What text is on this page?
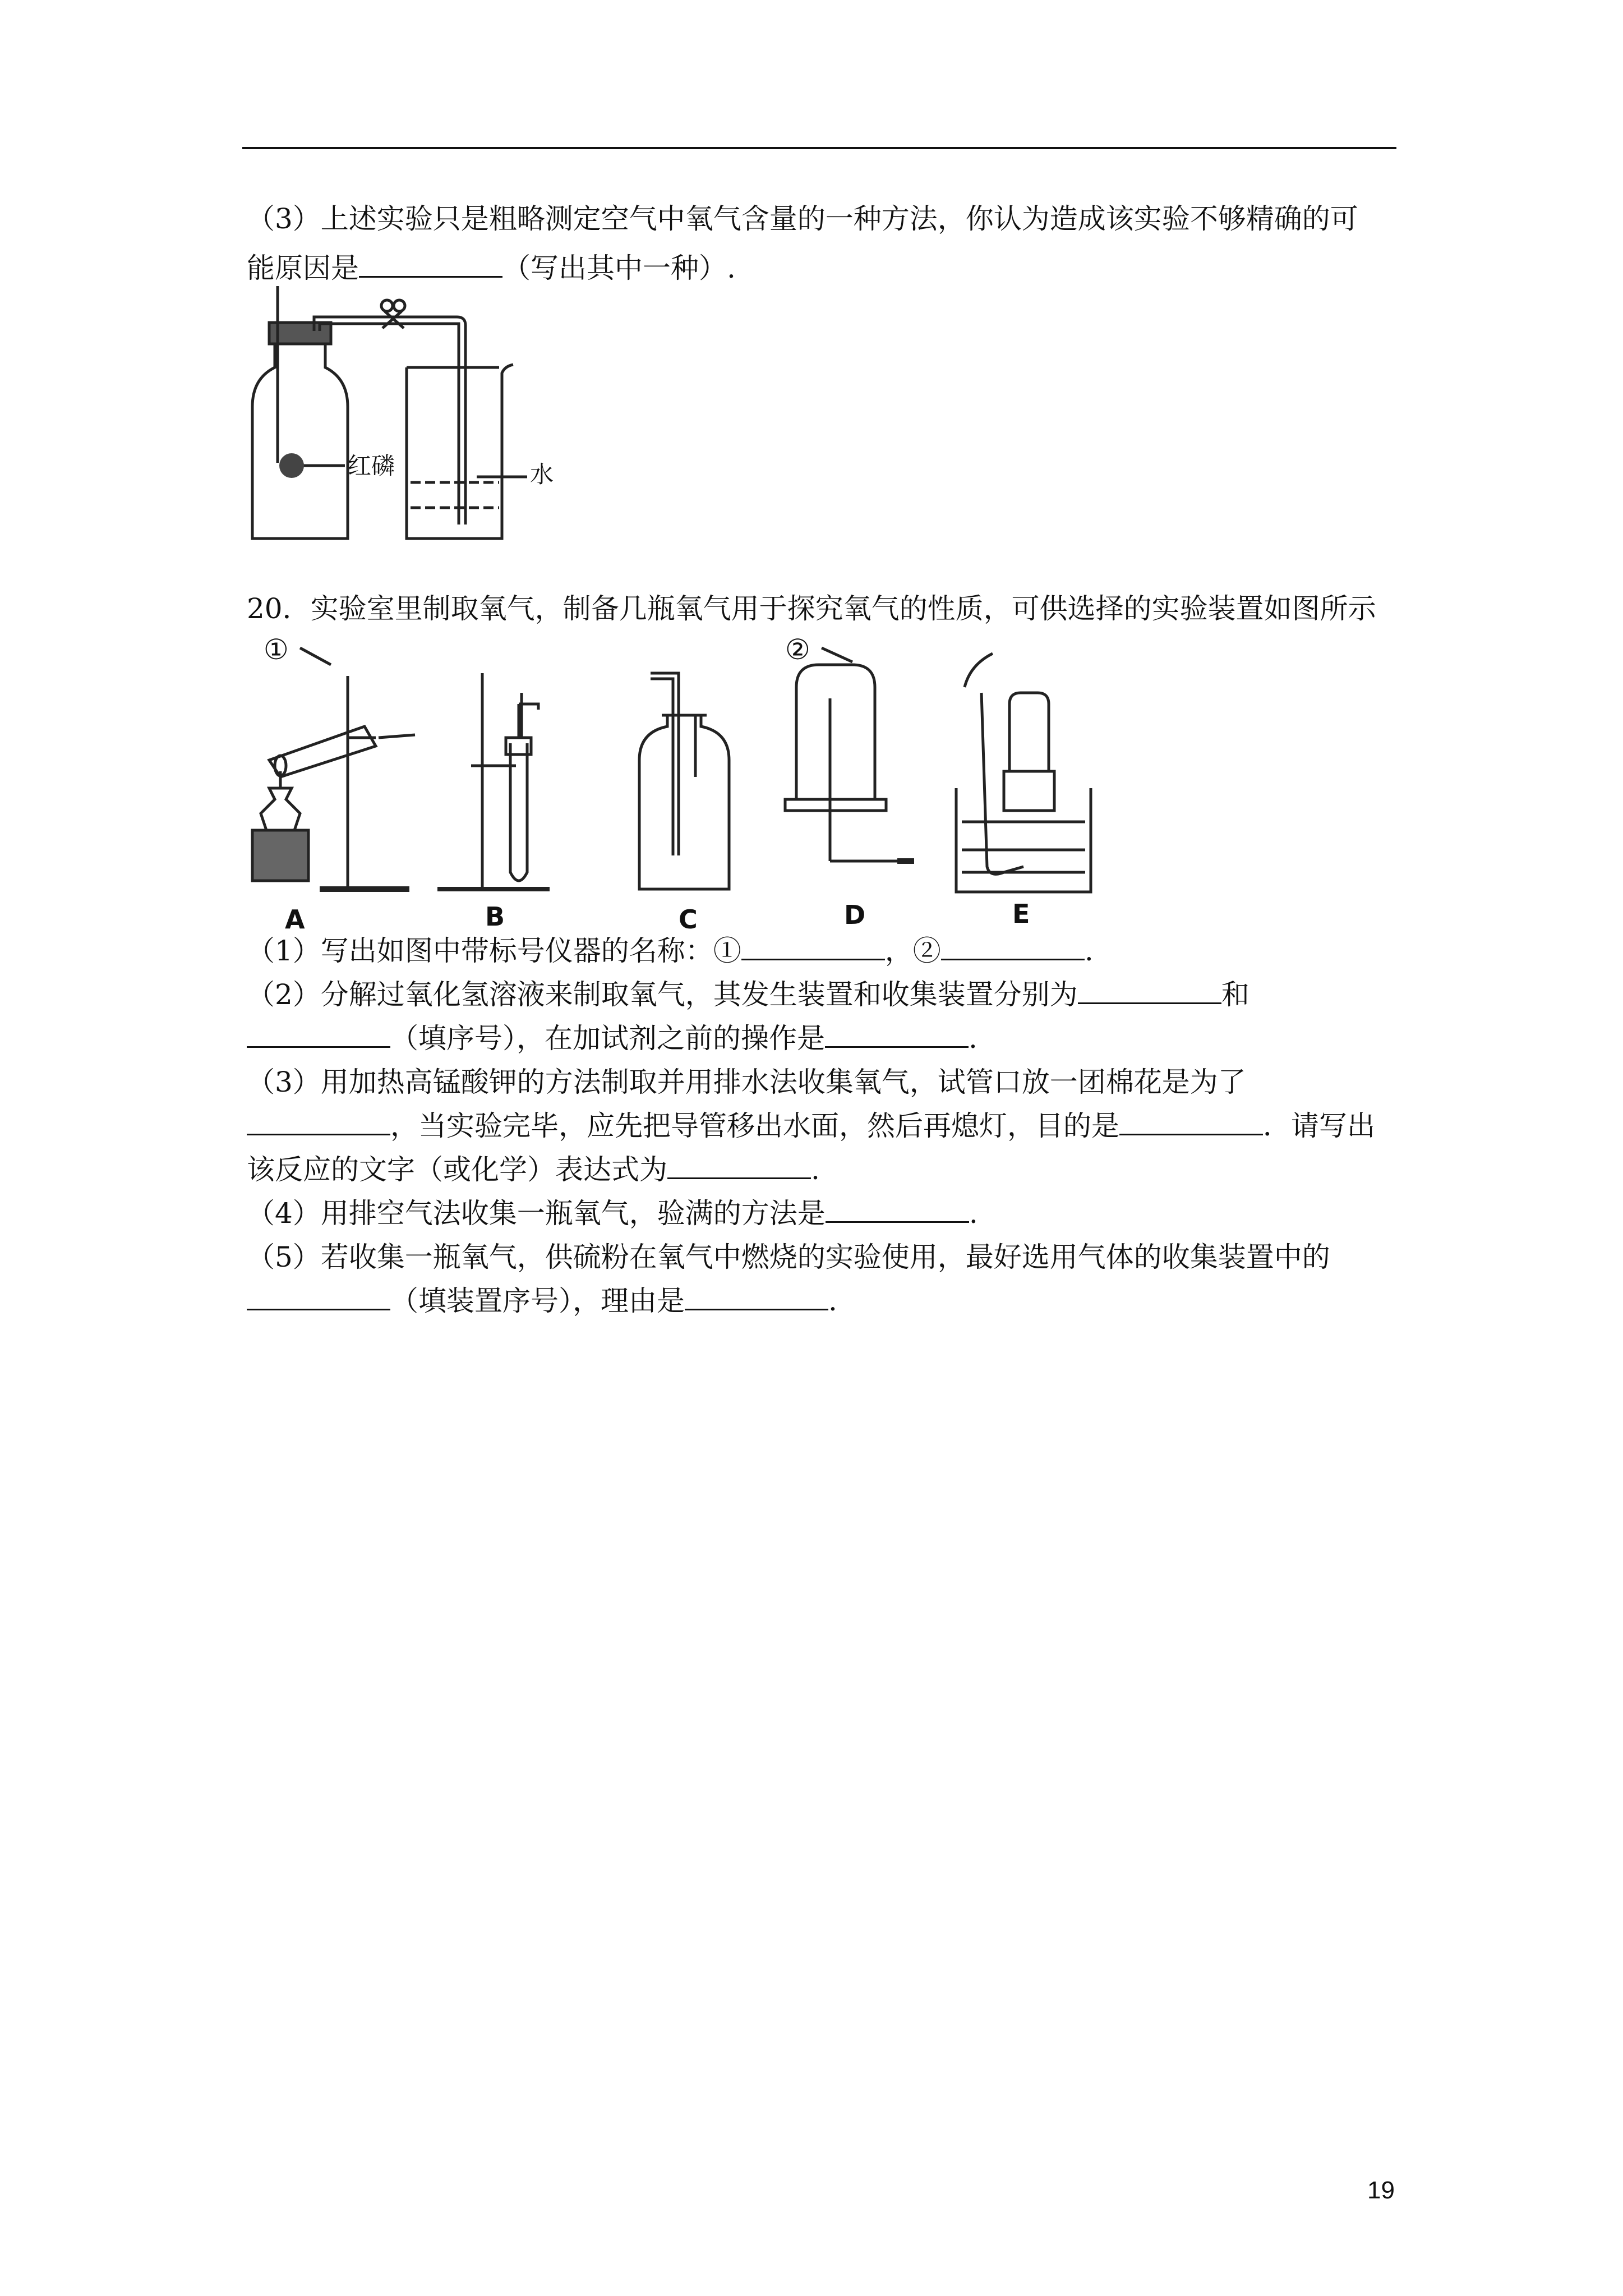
（3）上述实验只是粗略测定空气中氧气含量的一种方法，你认为造成该实验不够精确的可
能原因是	（写出其中一种）.
红磷	水
20．实验室里制取氧气，制备几瓶氧气用于探究氧气的性质，可供选择的实验装置如图所示
①	②
A	B	C	D	E
（1）写出如图中带标号仪器的名称：①	，②	.
（2）分解过氧化氢溶液来制取氧气，其发生装置和收集装置分别为	和
（填序号），在加试剂之前的操作是	.
（3）用加热高锰酸钾的方法制取并用排水法收集氧气，试管口放一团棉花是为了
，当实验完毕，应先把导管移出水面，然后再熄灯，目的是	．请写出
该反应的文字（或化学）表达式为	.
（4）用排空气法收集一瓶氧气，验满的方法是	.
（5）若收集一瓶氧气，供硫粉在氧气中燃烧的实验使用，最好选用气体的收集装置中的
（填装置序号），理由是	.
19
